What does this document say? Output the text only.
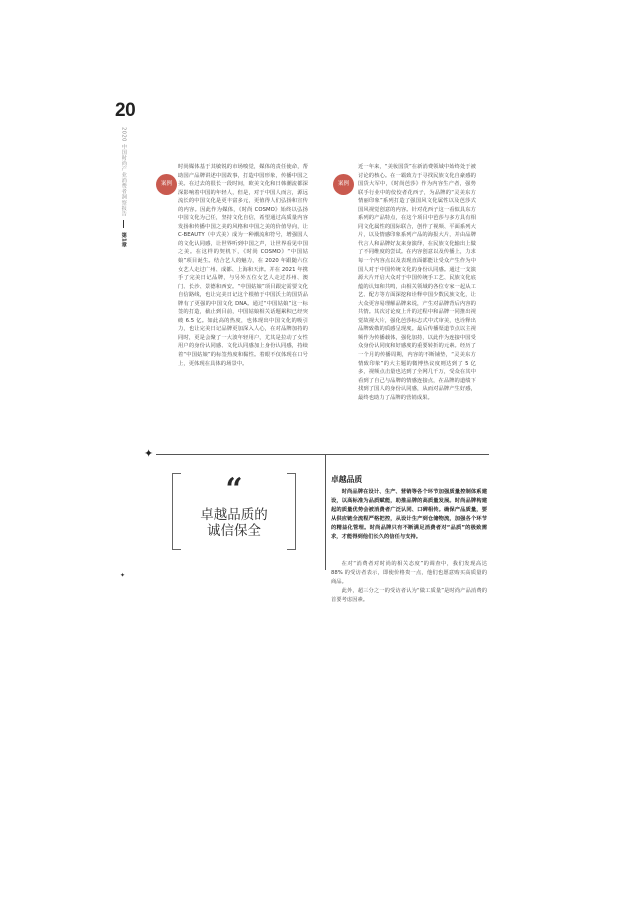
20
2020 中国时尚产业消费者洞察报告  第1章
案例

时尚媒体基于其敏锐的市场嗅觉，媒体的责任使命，帮助国产品牌讲述中国故事，打造中国形象，传播中国之美。在过去的很长一段时间，欧美文化和日韩潮流都深深影响着中国的年轻人，但是，对于中国人而言，源远流长的中国文化是更丰富多元，更值得人们弘扬和宣传的内容。因此作为媒体，《时尚 COSMO》始终以弘扬中国文化为己任，坚持文化自信，希望通过高质量内容发扬和传播中国之美的风格和中国之美的价值导向，让 C-BEAUTY（中式美）成为一种潮流和符号，增强国人的文化认同感，让世界听到中国之声，让世界看见中国之美。在这样的契机下，《时尚 COSMO》“中国姑娘”项目诞生。结合艺人的魅力，在 2020 年跟随六位女艺人走过广州、成都、上海和天津。并在 2021 年携手了完美日记品牌，与另外五位女艺人走过苏州、澳门、长沙、景德和西安。“中国姑娘”项目跟定需要文化自信路线，也让完美日记这个根植于中国沃土的国货品牌有了更强的中国文化 DNA。通过“中国姑娘”这一标签的打造，截止到目前，中国姑娘相关话题累积已经突破 6.5 亿。如此高的热度，也体现出中国文化的吸引力，也让完美日记品牌更加深入人心，在对品牌加持的同时，更是会聚了一大波年轻用户，尤其是拉动了女性用户的身份认同感、文化认同感加上身份认同感，持续着“中国姑娘”的标签热度和黏性。着眼不仅体现在口号上，更体现在具体的场景中。

案例

近一年来，“美妆国货”在新消费领域中始终处于被讨论的核心。在一霸致力于寻找民族文化自豪感的国货大军中，《时尚芭莎》作为内容生产者，强势联手行业中的佼佼者花西子，为品牌的“灵美东方情丽印象”系列打造了强国风文化属性以及芭莎式国风视觉创意的内容。针对花西子这一看似具东方系列的产品特点，在这个项目中芭莎与多方具有相同文化属性的国际联合，创作了视频、平面系列大片，以及情感印象系列产品的海报大片，并由品牌代言人和品牌好友来身演绎，在民族文化输出上做了不同维度的尝试。在内容创意以及传播上，力求每一个内容点以及表现直面都能让受众产生作为中国人对于中国传统文化的身份认同感。通过一支演源大片开启大众对于中国传统手工艺、民族文化底蕴的认知和共鸣，由相关领域的各位专家一起从工艺、配方等方面深挖和诠释中国少数民族文化，让大众更容易理解品牌来说，产生对品牌背后内容的共情。其次讨论度上升的过程中和品牌一同推出视觉故视大片，强化芭莎标志式中式审美，也诠释出品牌致敬的质感呈现度。最后传播渠道节点以主视频作为传播载体，强化加持，以此作为连接中国受众身份认同度和好感度的重要转折的元素。经历了一个月的传播周期，内容的不断铺垫，“灵美东方 情致印象”的大主题的微博热议度则达到了 5 亿多，视频点击量也达到了全网几千万，受众在其中看到了自己与品牌的情感连接点，在品牌的道绩下找到了国人的身份认同感，从而对品牌产生好感，最终也助力了品牌的营销成果。

✦
✦
“
卓越品质的
诚信保全
卓越品质
时尚品牌在设计、生产、营销等各个环节加强质量控制体系建设，以高标准为品质赋能，助推品牌的高质量发展。时尚品牌构建起的质量优势会被消费者广泛认同、口碑相传。确保产品质量，要从供应链全流程严格把控，从设计生产到仓储物流，加强各个环节的精益化管理。时尚品牌只有不断满足消费者对“品质”的极致需求，才能得到他们长久的信任与支持。
在对“消费者对时尚的相关态度”的调查中，我们发现高达 88% 的受访者表示，即使价格贵一点，他们也愿意购买高质量的商品。
此外，超三分之一的受访者认为“做工质量”是时尚产品消费的首要考虑因素。
